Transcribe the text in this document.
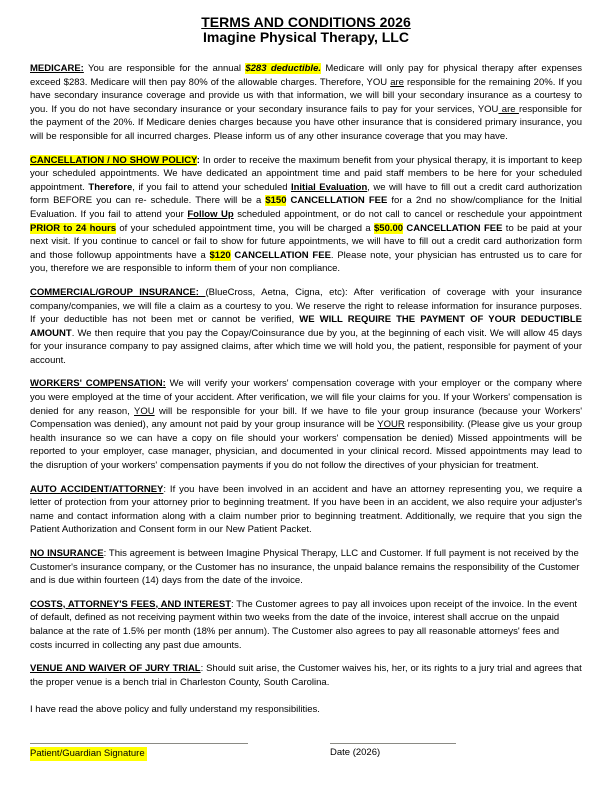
TERMS AND CONDITIONS 2026
Imagine Physical Therapy, LLC

MEDICARE: You are responsible for the annual $283 deductible. Medicare will only pay for physical therapy after expenses exceed $283. Medicare will then pay 80% of the allowable charges. Therefore, YOU are responsible for the remaining 20%. If you have secondary insurance coverage and provide us with that information, we will bill your secondary insurance as a courtesy to you. If you do not have secondary insurance or your secondary insurance fails to pay for your services, YOU are responsible for the payment of the 20%. If Medicare denies charges because you have other insurance that is considered primary insurance, you will be responsible for all incurred charges. Please inform us of any other insurance coverage that you may have.

CANCELLATION / NO SHOW POLICY: In order to receive the maximum benefit from your physical therapy, it is important to keep your scheduled appointments. We have dedicated an appointment time and paid staff members to be here for your scheduled appointment. Therefore, if you fail to attend your scheduled Initial Evaluation, we will have to fill out a credit card authorization form BEFORE you can re- schedule. There will be a $150 CANCELLATION FEE for a 2nd no show/compliance for the Initial Evaluation. If you fail to attend your Follow Up scheduled appointment, or do not call to cancel or reschedule your appointment PRIOR to 24 hours of your scheduled appointment time, you will be charged a $50.00 CANCELLATION FEE to be paid at your next visit. If you continue to cancel or fail to show for future appointments, we will have to fill out a credit card authorization form and those followup appointments have a $120 CANCELLATION FEE. Please note, your physician has entrusted us to care for you, therefore we are responsible to inform them of your non compliance.

COMMERCIAL/GROUP INSURANCE: (BlueCross, Aetna, Cigna, etc): After verification of coverage with your insurance company/companies, we will file a claim as a courtesy to you. We reserve the right to release information for insurance purposes. If your deductible has not been met or cannot be verified, WE WILL REQUIRE THE PAYMENT OF YOUR DEDUCTIBLE AMOUNT. We then require that you pay the Copay/Coinsurance due by you, at the beginning of each visit. We will allow 45 days for your insurance company to pay assigned claims, after which time we will hold you, the patient, responsible for payment of your account.

WORKERS' COMPENSATION: We will verify your workers' compensation coverage with your employer or the company where you were employed at the time of your accident. After verification, we will file your claims for you. If your Workers' compensation is denied for any reason, YOU will be responsible for your bill. If we have to file your group insurance (because your Workers' Compensation was denied), any amount not paid by your group insurance will be YOUR responsibility. (Please give us your group health insurance so we can have a copy on file should your workers' compensation be denied) Missed appointments will be reported to your employer, case manager, physician, and documented in your clinical record. Missed appointments may lead to the disruption of your workers' compensation payments if you do not follow the directives of your physician for treatment.

AUTO ACCIDENT/ATTORNEY: If you have been involved in an accident and have an attorney representing you, we require a letter of protection from your attorney prior to beginning treatment. If you have been in an accident, we also require your adjuster's name and contact information along with a claim number prior to beginning treatment. Additionally, we require that you sign the Patient Authorization and Consent form in our New Patient Packet.

NO INSURANCE: This agreement is between Imagine Physical Therapy, LLC and Customer. If full payment is not received by the Customer's insurance company, or the Customer has no insurance, the unpaid balance remains the responsibility of the Customer and is due within fourteen (14) days from the date of the invoice.

COSTS, ATTORNEY'S FEES, AND INTEREST: The Customer agrees to pay all invoices upon receipt of the invoice. In the event of default, defined as not receiving payment within two weeks from the date of the invoice, interest shall accrue on the unpaid balance at the rate of 1.5% per month (18% per annum). The Customer also agrees to pay all reasonable attorneys' fees and costs incurred in collecting any past due amounts.

VENUE AND WAIVER OF JURY TRIAL: Should suit arise, the Customer waives his, her, or its rights to a jury trial and agrees that the proper venue is a bench trial in Charleston County, South Carolina.

I have read the above policy and fully understand my responsibilities.

Patient/Guardian Signature	Date (2026)
